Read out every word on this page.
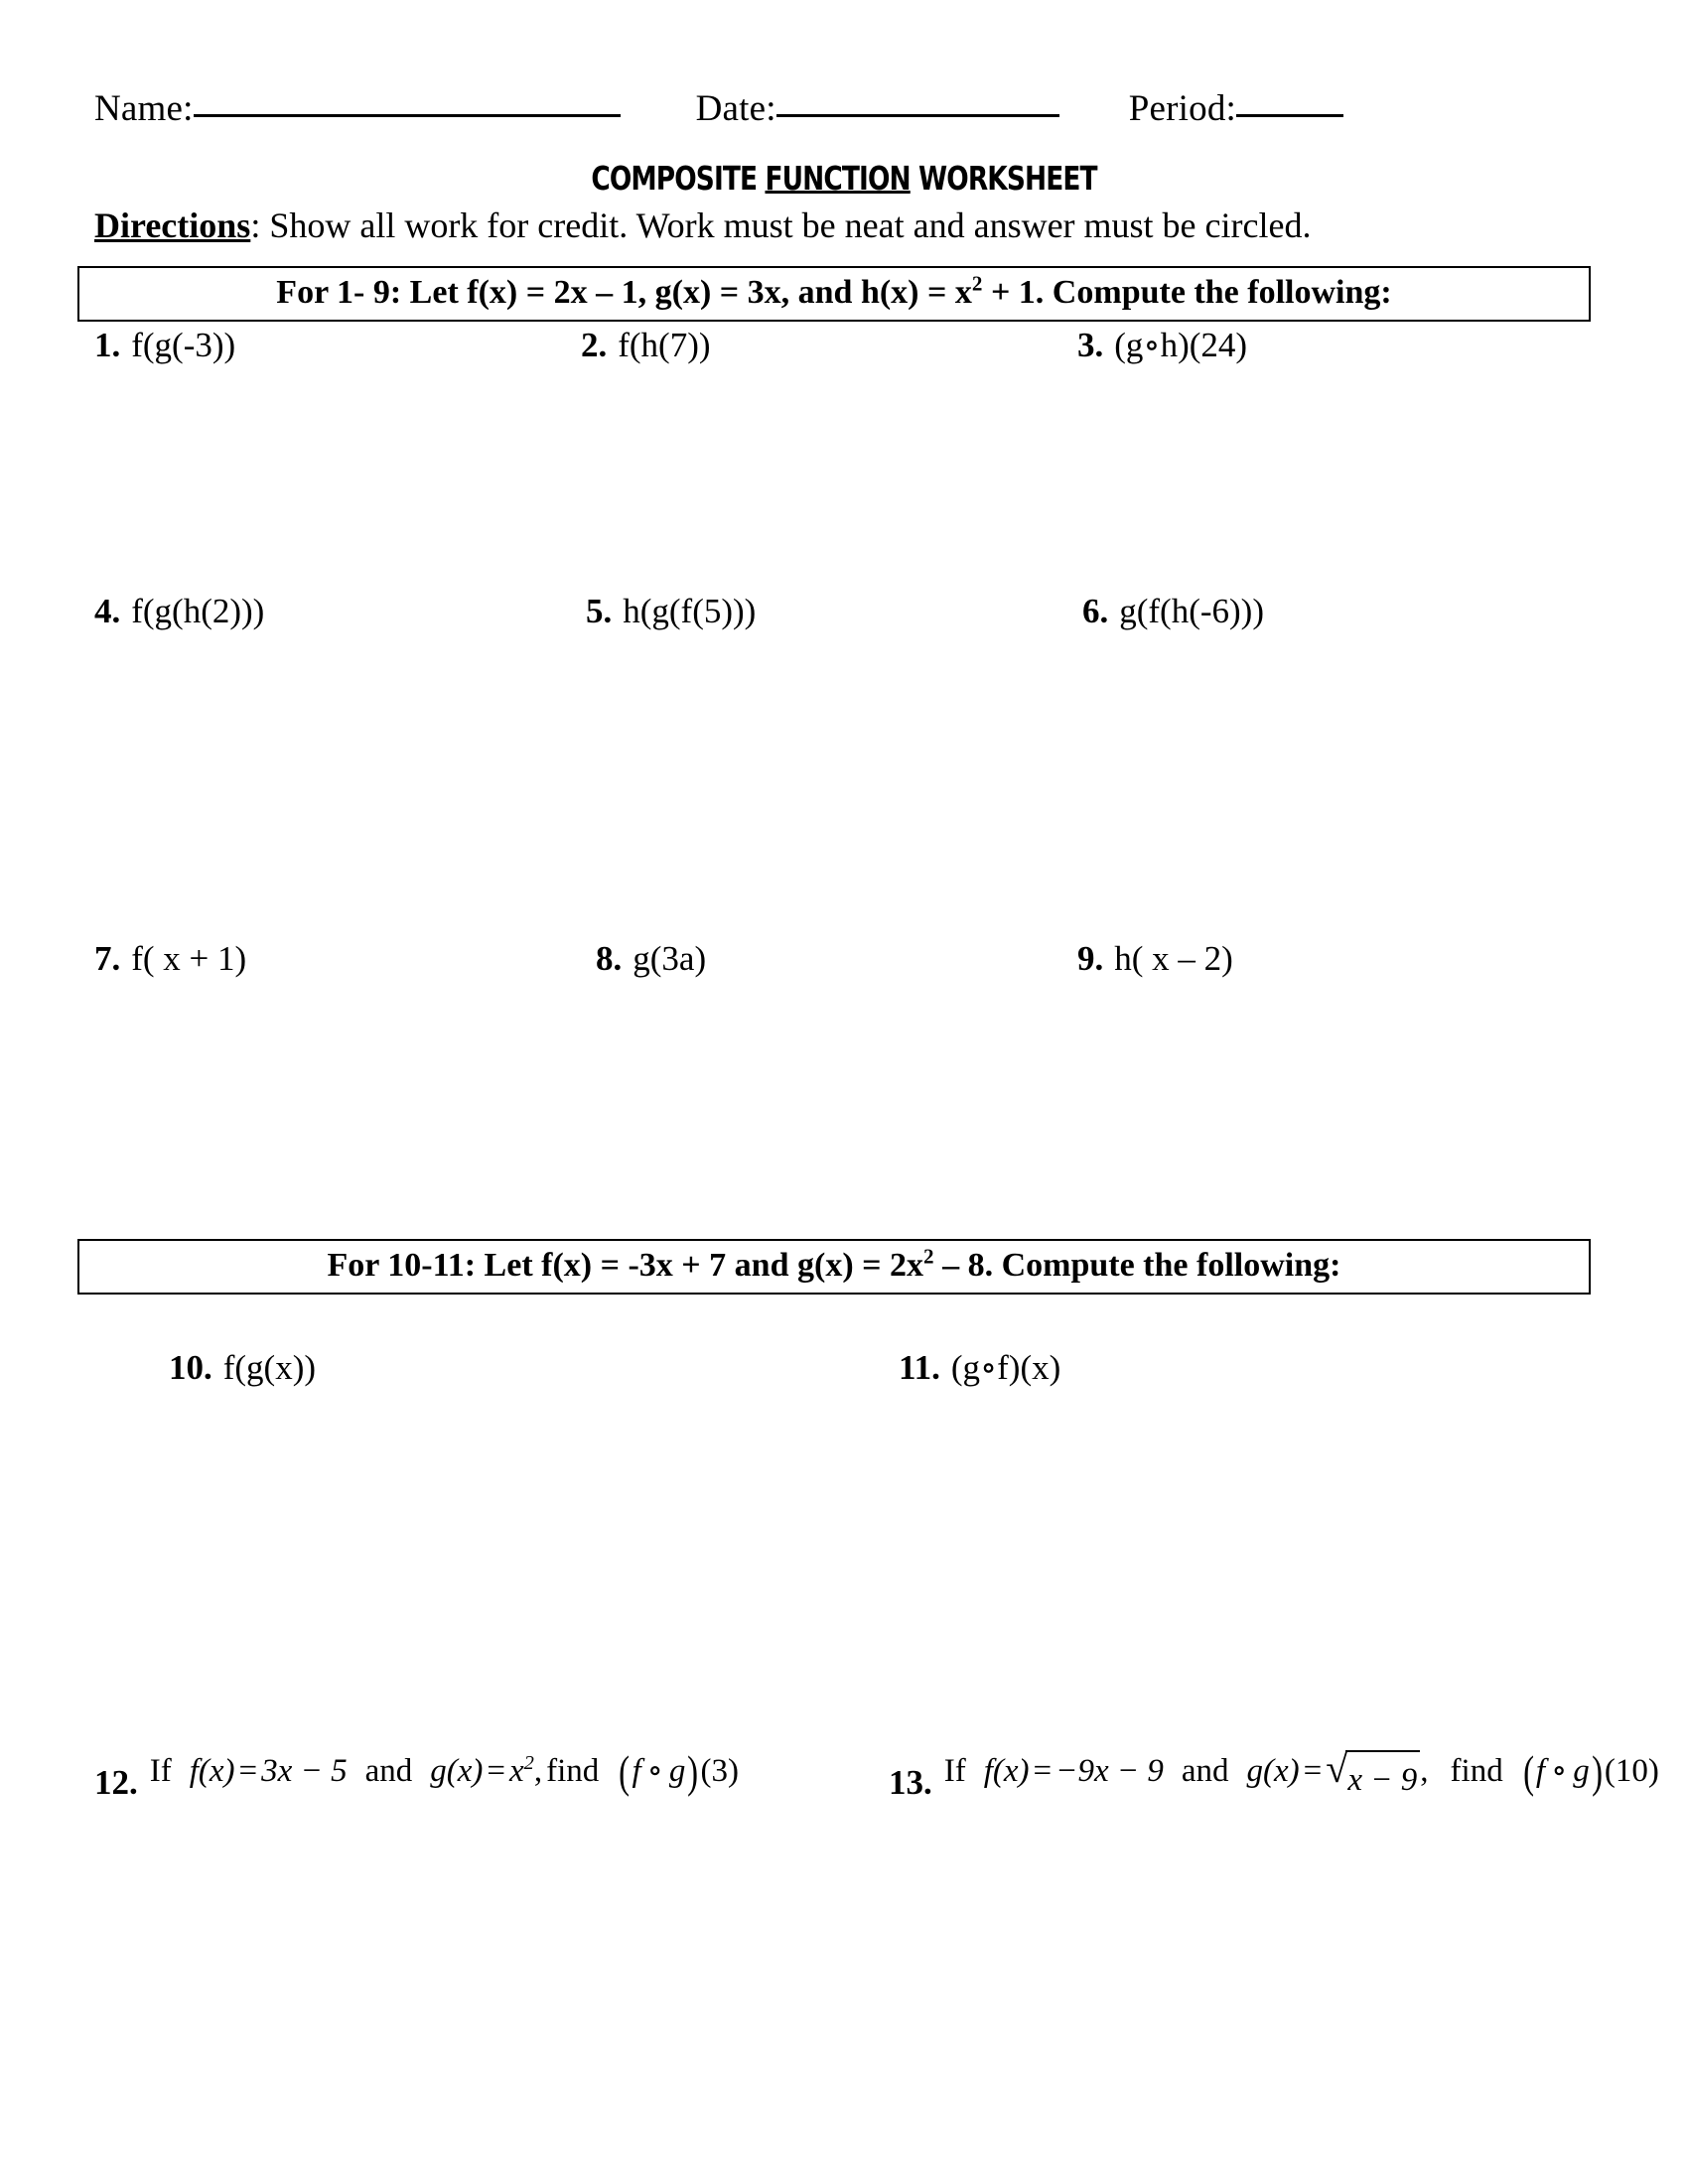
Name:	Date:	Period:
COMPOSITE FUNCTION WORKSHEET
Directions: Show all work for credit. Work must be neat and answer must be circled.
For 1- 9: Let f(x) = 2x – 1, g(x) = 3x, and $h(x) = x^2 + 1$. Compute the following:
1. f(g(-3))	2. f(h(7))	3. (g∘h)(24)
4. f(g(h(2)))	5. h(g(f(5)))	6. g(f(h(-6)))
7. f( x + 1)	8. g(3a)	9. h( x – 2)
For 10-11: Let f(x) = -3x + 7 and $g(x) = 2x^2 - 8$. Compute the following:
10. f(g(x))	11. (g∘f)(x)
12. If f(x) = 3x − 5 and $g(x) = x^2$, find (f ∘ g)(3)	13. If f(x) = −9x − 9 and g(x) = √ x − 9 , find (f ∘ g)(10)
